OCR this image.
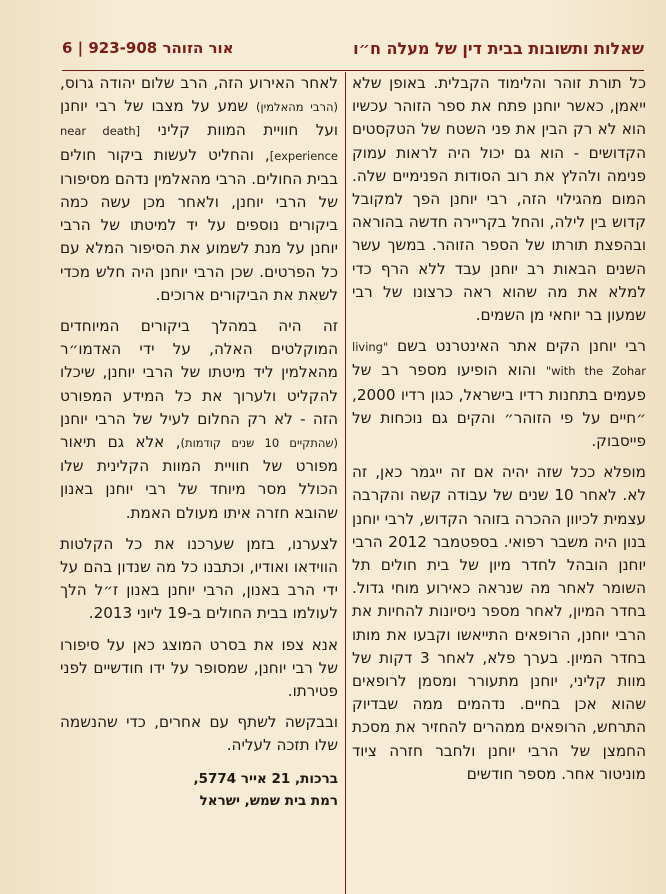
שאלות ותשובות בבית דין של מעלה ח״ו
אור הזוהר 923-908 | 6

כל תורת זוהר והלימוד הקבלית. באופן שלא ייאמן, כאשר יוחנן פתח את ספר הזוהר עכשיו הוא לא רק הבין את פני השטח של הטקסטים הקדושים - הוא גם יכול היה לראות עמוק פנימה ולהלץ את רוב הסודות הפנימיים שלה. המום מהגילוי הזה, רבי יוחנן הפך למקובל קדוש בין לילה, והחל בקריירה חדשה בהוראה ובהפצת תורתו של הספר הזוהר. במשך עשר השנים הבאות רב יוחנן עבד ללא הרף כדי למלא את מה שהוא ראה כרצונו של רבי שמעון בר יוחאי מן השמים.

רבי יוחנן הקים אתר האינטרנט בשם "living with the Zohar" והוא הופיעו מספר רב של פעמים בתחנות רדיו בישראל, כגון רדיו 2000, ״חיים על פי הזוהר״ והקים גם נוכחות של פייסבוק.

מופלא ככל שזה יהיה אם זה ייגמר כאן, זה לא. לאחר 10 שנים של עבודה קשה והקרבה עצמית לכיוון ההכרה בזוהר הקדוש, לרבי יוחנן בנון היה משבר רפואי. בספטמבר 2012 הרבי יוחנן הובהל לחדר מיון של בית חולים תל השומר לאחר מה שנראה כאירוע מוחי גדול. בחדר המיון, לאחר מספר ניסיונות להחיות את הרבי יוחנן, הרופאים התייאשו וקבעו את מותו בחדר המיון. בערך פלא, לאחר 3 דקות של מוות קליני, יוחנן מתעורר ומסמן לרופאים שהוא אכן בחיים. נדהמים ממה שבדיוק התרחש, הרופאים ממהרים להחזיר את מסכת החמצן של הרבי יוחנן ולחבר חזרה ציוד מוניטור אחר. מספר חודשים

לאחר האירוע הזה, הרב שלום יהודה גרוס, (הרבי מהאלמין) שמע על מצבו של רבי יוחנן ועל חוויית המוות קליני [near death experience], והחליט לעשות ביקור חולים בבית החולים. הרבי מהאלמין נדהם מסיפורו של הרבי יוחנן, ולאחר מכן עשה כמה ביקורים נוספים על יד למיטתו של הרבי יוחנן על מנת לשמוע את הסיפור המלא עם כל הפרטים. שכן הרבי יוחנן היה חלש מכדי לשאת את הביקורים ארוכים.

זה היה במהלך ביקורים המיוחדים המוקלטים האלה, על ידי האדמו״ר מהאלמין ליד מיטתו של הרבי יוחנן, שיכלו להקליט ולערוך את כל המידע המפורט הזה - לא רק החלום לעיל של הרבי יוחנן (שהתקיים 10 שנים קודמות), אלא גם תיאור מפורט של חוויית המוות הקלינית שלו הכולל מסר מיוחד של רבי יוחנן באנון שהובא חזרה איתו מעולם האמת.

לצערנו, בזמן שערכנו את כל הקלטות הווידאו ואודיו, וכתבנו כל מה שנדון בהם על ידי הרב באנון, הרבי יוחנן באנון ז״ל הלך לעולמו בבית החולים ב-19 ליוני 2013.

אנא צפו את בסרט המוצג כאן על סיפורו של רבי יוחנן, שמסופר על ידו חודשיים לפני פטירתו.

ובבקשה לשתף עם אחרים, כדי שהנשמה שלו תזכה לעליה.

ברכות, 21 אייר 5774,
רמת בית שמש, ישראל
